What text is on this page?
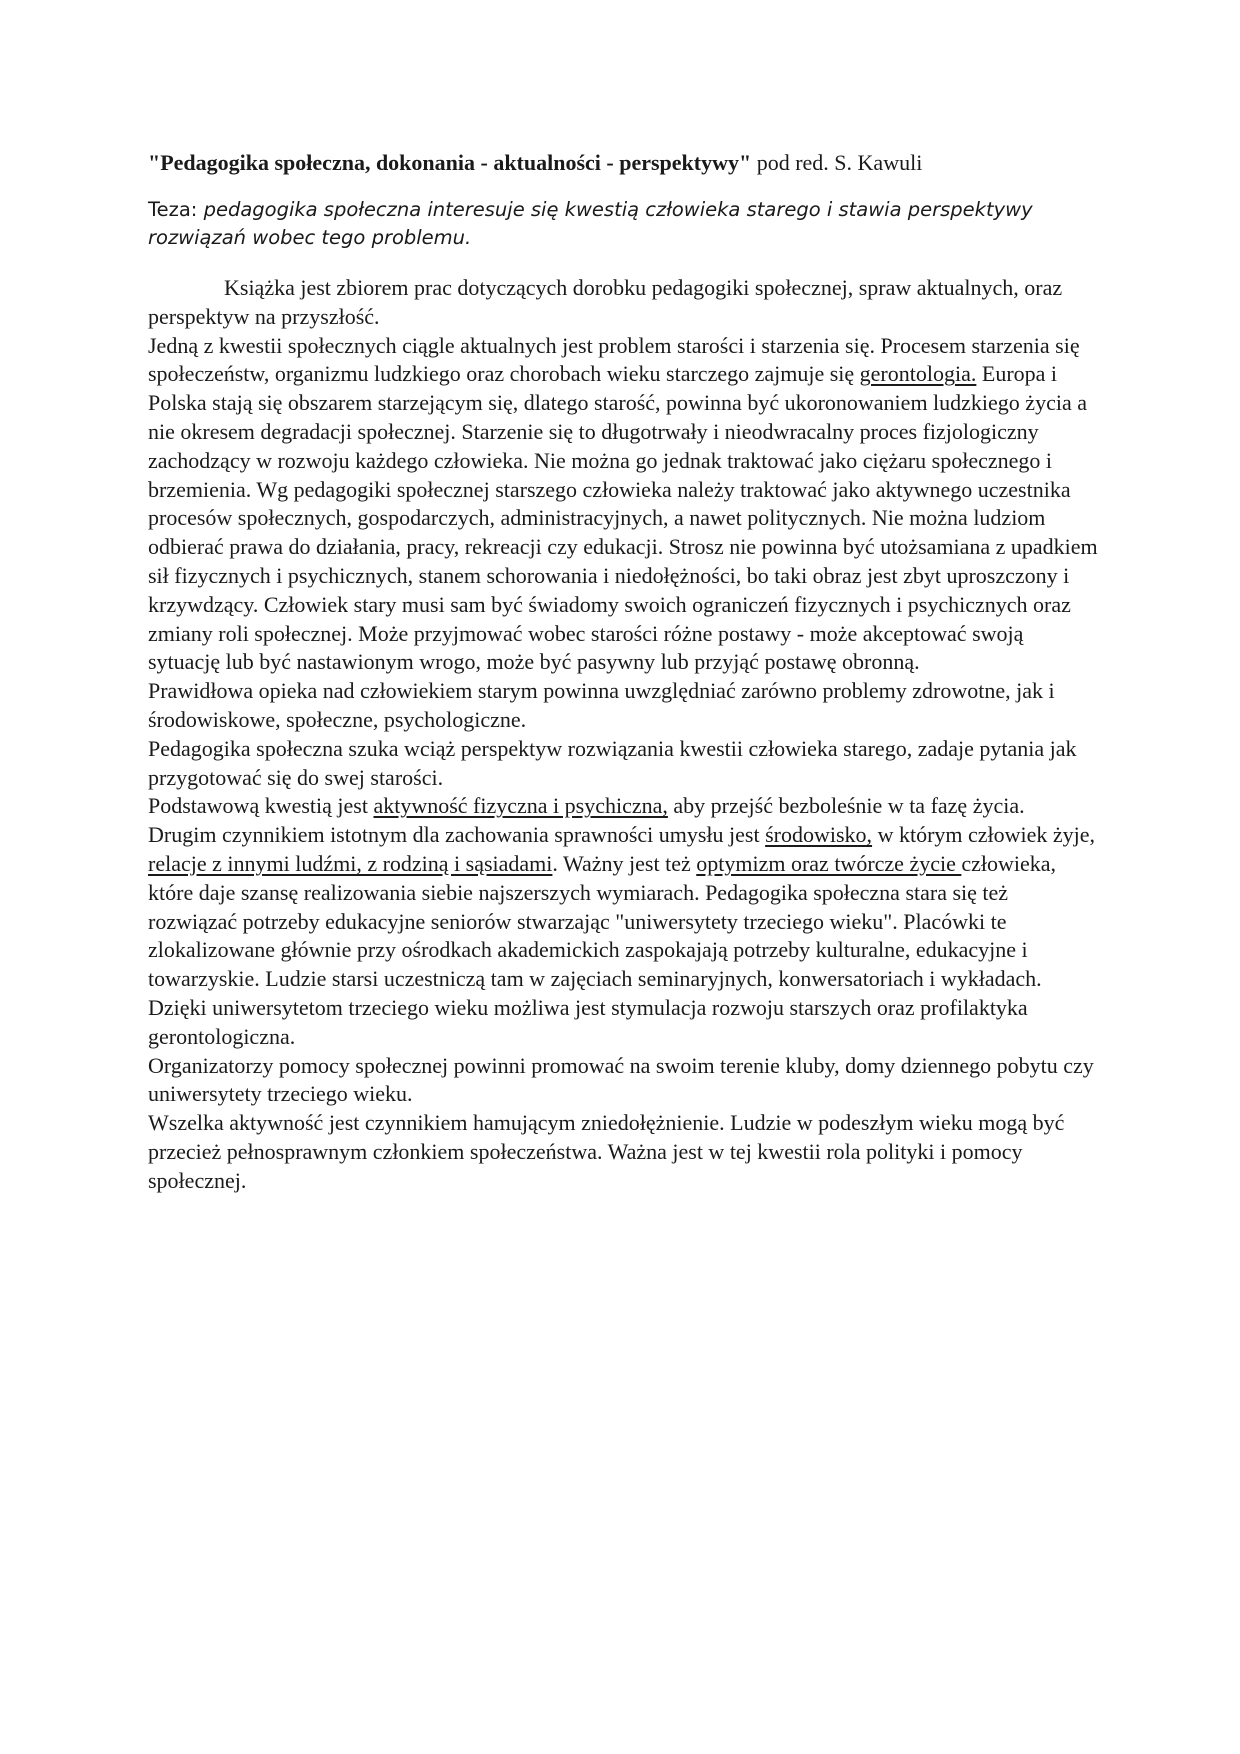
"Pedagogika społeczna, dokonania - aktualności - perspektywy" pod red. S. Kawuli

Teza: pedagogika społeczna interesuje się kwestią człowieka starego i stawia perspektywy rozwiązań wobec tego problemu.

Książka jest zbiorem prac dotyczących dorobku pedagogiki społecznej, spraw aktualnych, oraz perspektyw na przyszłość.

Jedną z kwestii społecznych ciągle aktualnych jest problem starości i starzenia się. Procesem starzenia się społeczeństw, organizmu ludzkiego oraz chorobach wieku starczego zajmuje się gerontologia. Europa i Polska stają się obszarem starzejącym się, dlatego starość, powinna być ukoronowaniem ludzkiego życia a nie okresem degradacji społecznej. Starzenie się to długotrwały i nieodwracalny proces fizjologiczny zachodzący w rozwoju każdego człowieka. Nie można go jednak traktować jako ciężaru społecznego i brzemienia. Wg pedagogiki społecznej starszego człowieka należy traktować jako aktywnego uczestnika procesów społecznych, gospodarczych, administracyjnych, a nawet politycznych. Nie można ludziom odbierać prawa do działania, pracy, rekreacji czy edukacji. Strosz nie powinna być utożsamiana z upadkiem sił fizycznych i psychicznych, stanem schorowania i niedołężności, bo taki obraz jest zbyt uproszczony i krzywdzący. Człowiek stary musi sam być świadomy swoich ograniczeń fizycznych i psychicznych oraz zmiany roli społecznej. Może przyjmować wobec starości różne postawy - może akceptować swoją sytuację lub być nastawionym wrogo, może być pasywny lub przyjąć postawę obronną.

Prawidłowa opieka nad człowiekiem starym powinna uwzględniać zarówno problemy zdrowotne, jak i środowiskowe, społeczne, psychologiczne.

Pedagogika społeczna szuka wciąż perspektyw rozwiązania kwestii człowieka starego, zadaje pytania jak przygotować się do swej starości.

Podstawową kwestią jest aktywność fizyczna i psychiczna, aby przejść bezboleśnie w ta fazę życia. Drugim czynnikiem istotnym dla zachowania sprawności umysłu jest środowisko, w którym człowiek żyje, relacje z innymi ludźmi, z rodziną i sąsiadami. Ważny jest też optymizm oraz twórcze życie człowieka, które daje szansę realizowania siebie najszerszych wymiarach. Pedagogika społeczna stara się też rozwiązać potrzeby edukacyjne seniorów stwarzając "uniwersytety trzeciego wieku". Placówki te zlokalizowane głównie przy ośrodkach akademickich zaspokajają potrzeby kulturalne, edukacyjne i towarzyskie. Ludzie starsi uczestniczą tam w zajęciach seminaryjnych, konwersatoriach i wykładach. Dzięki uniwersytetom trzeciego wieku możliwa jest stymulacja rozwoju starszych oraz profilaktyka gerontologiczna.

Organizatorzy pomocy społecznej powinni promować na swoim terenie kluby, domy dziennego pobytu czy uniwersytety trzeciego wieku.

Wszelka aktywność jest czynnikiem hamującym zniedołężnienie. Ludzie w podeszłym wieku mogą być przecież pełnosprawnym członkiem społeczeństwa. Ważna jest w tej kwestii rola polityki i pomocy społecznej.
